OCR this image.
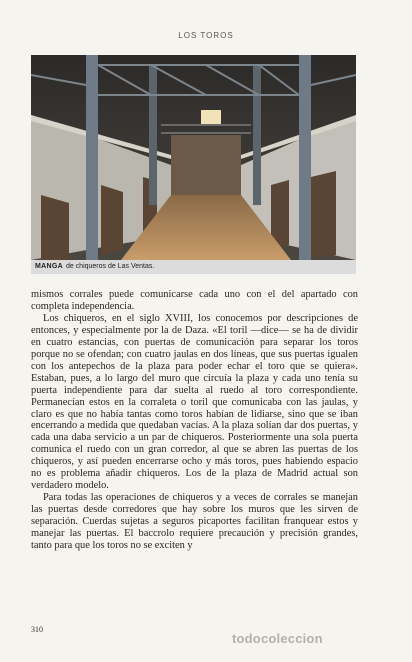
LOS TOROS
MANGA de chiqueros de Las Ventas.

mismos corrales puede comunicarse cada uno con el del apartado con completa independencia.

Los chiqueros, en el siglo XVIII, los conocemos por descripciones de entonces, y especialmente por la de Daza. «El toril —dice— se ha de dividir en cuatro estancias, con puertas de comunicación para separar los toros porque no se ofendan; con cuatro jaulas en dos líneas, que sus puertas igualen con los antepechos de la plaza para poder echar el toro que se quiera». Estaban, pues, a lo largo del muro que circuía la plaza y cada uno tenía su puerta independiente para dar suelta al ruedo al toro correspondiente. Permanecían estos en la corraleta o toril que comunicaba con las jaulas, y claro es que no había tantas como toros habían de lidiarse, sino que se iban encerrando a medida que quedaban vacías. A la plaza solían dar dos puertas, y cada una daba servicio a un par de chiqueros. Posteriormente una sola puerta comunica el ruedo con un gran corredor, al que se abren las puertas de los chiqueros, y así pueden encerrarse ocho y más toros, pues habiendo espacio no es problema añadir chiqueros. Los de la plaza de Madrid actual son verdadero modelo.

Para todas las operaciones de chiqueros y a veces de corrales se manejan las puertas desde corredores que hay sobre los muros que les sirven de separación. Cuerdas sujetas a seguros picaportes facilitan franquear estos y manejar las puertas. El baccrolo requiere precaución y precisión grandes, tanto para que los toros no se exciten y

310
todocoleccion
